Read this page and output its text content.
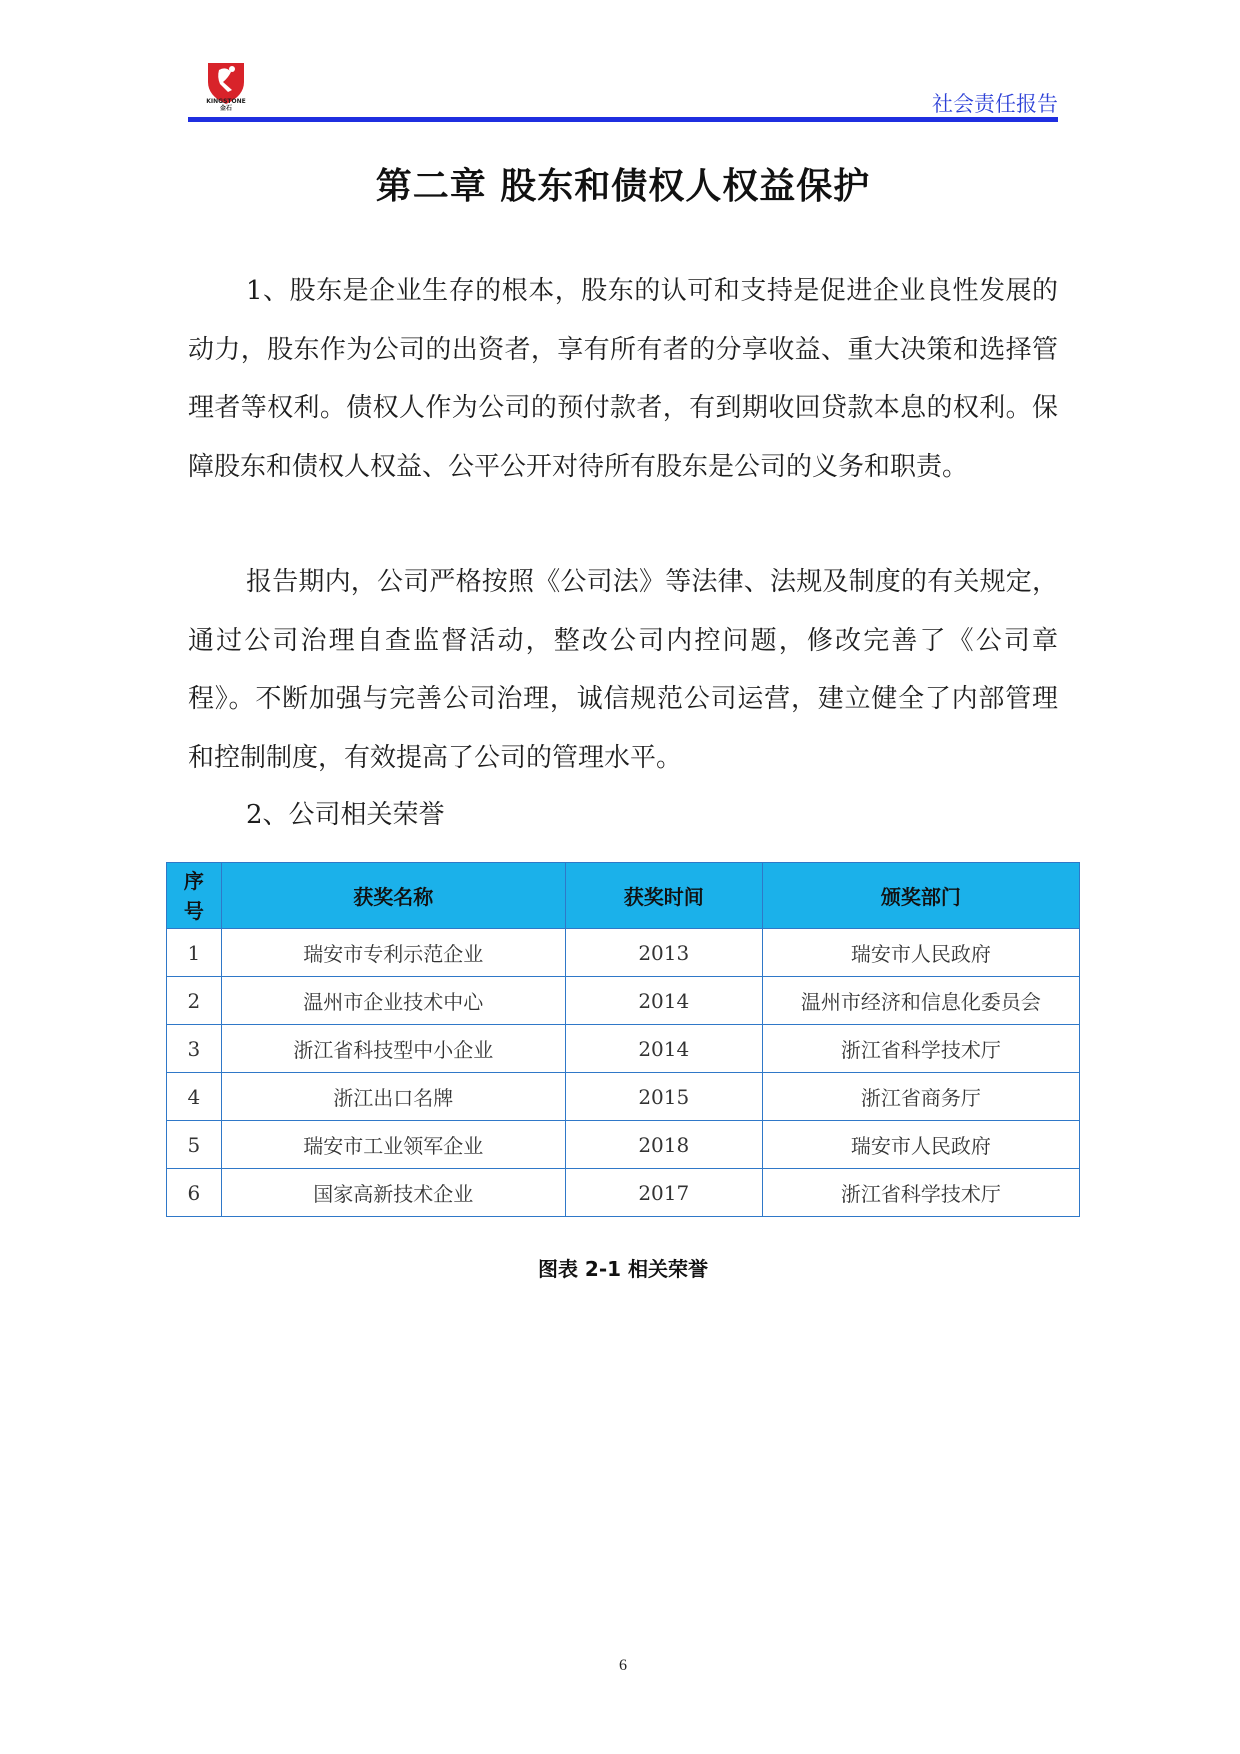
KINGSTONE
金石	社会责任报告
第二章 股东和债权人权益保护

1、股东是企业生存的根本，股东的认可和支持是促进企业良性发展的动力，股东作为公司的出资者，享有所有者的分享收益、重大决策和选择管理者等权利。债权人作为公司的预付款者，有到期收回贷款本息的权利。保障股东和债权人权益、公平公开对待所有股东是公司的义务和职责。

报告期内，公司严格按照《公司法》等法律、法规及制度的有关规定，通过公司治理自查监督活动，整改公司内控问题，修改完善了《公司章程》。不断加强与完善公司治理，诚信规范公司运营，建立健全了内部管理和控制制度，有效提高了公司的管理水平。

2、公司相关荣誉

序
号	获奖名称	获奖时间	颁奖部门
1	瑞安市专利示范企业	2013	瑞安市人民政府
2	温州市企业技术中心	2014	温州市经济和信息化委员会
3	浙江省科技型中小企业	2014	浙江省科学技术厅
4	浙江出口名牌	2015	浙江省商务厅
5	瑞安市工业领军企业	2018	瑞安市人民政府
6	国家高新技术企业	2017	浙江省科学技术厅
图表 2-1 相关荣誉
6
